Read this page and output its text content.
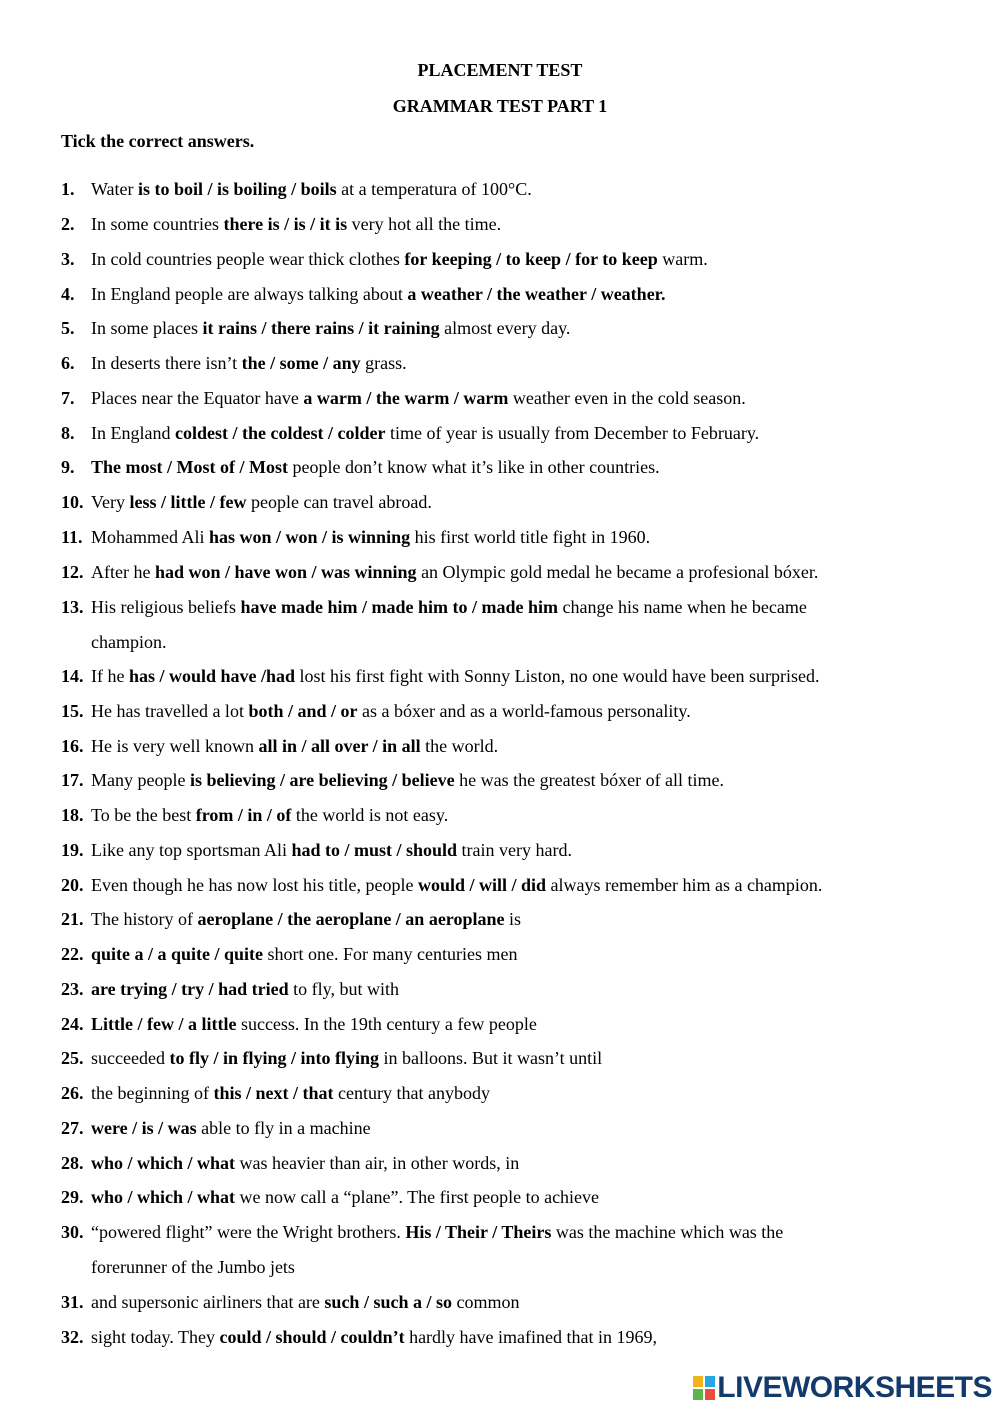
PLACEMENT TEST
GRAMMAR TEST PART 1
Tick the correct answers.
1. Water is to boil / is boiling / boils at a temperatura of 100°C.
2. In some countries there is / is / it is very hot all the time.
3. In cold countries people wear thick clothes for keeping / to keep / for to keep warm.
4. In England people are always talking about a weather / the weather / weather.
5. In some places it rains / there rains / it raining almost every day.
6. In deserts there isn’t the / some / any grass.
7. Places near the Equator have a warm / the warm / warm weather even in the cold season.
8. In England coldest / the coldest / colder time of year is usually from December to February.
9. The most / Most of / Most people don’t know what it’s like in other countries.
10. Very less / little / few people can travel abroad.
11. Mohammed Ali has won / won / is winning his first world title fight in 1960.
12. After he had won / have won / was winning an Olympic gold medal he became a profesional bóxer.
13. His religious beliefs have made him / made him to / made him change his name when he became
champion.
14. If he has / would have /had lost his first fight with Sonny Liston, no one would have been surprised.
15. He has travelled a lot both / and / or as a bóxer and as a world-famous personality.
16. He is very well known all in / all over / in all the world.
17. Many people is believing / are believing / believe he was the greatest bóxer of all time.
18. To be the best from / in / of the world is not easy.
19. Like any top sportsman Ali had to / must / should train very hard.
20. Even though he has now lost his title, people would / will / did always remember him as a champion.
21. The history of aeroplane / the aeroplane / an aeroplane is
22. quite a / a quite / quite short one. For many centuries men
23. are trying / try / had tried to fly, but with
24. Little / few / a little success. In the 19th century a few people
25. succeeded to fly / in flying / into flying in balloons. But it wasn’t until
26. the beginning of this / next / that century that anybody
27. were / is / was able to fly in a machine
28. who / which / what was heavier than air, in other words, in
29. who / which / what we now call a “plane”. The first people to achieve
30. “powered flight” were the Wright brothers. His / Their / Theirs was the machine which was the
forerunner of the Jumbo jets
31. and supersonic airliners that are such / such a / so common
32. sight today. They could / should / couldn’t hardly have imafined that in 1969,
LIVEWORKSHEETS
